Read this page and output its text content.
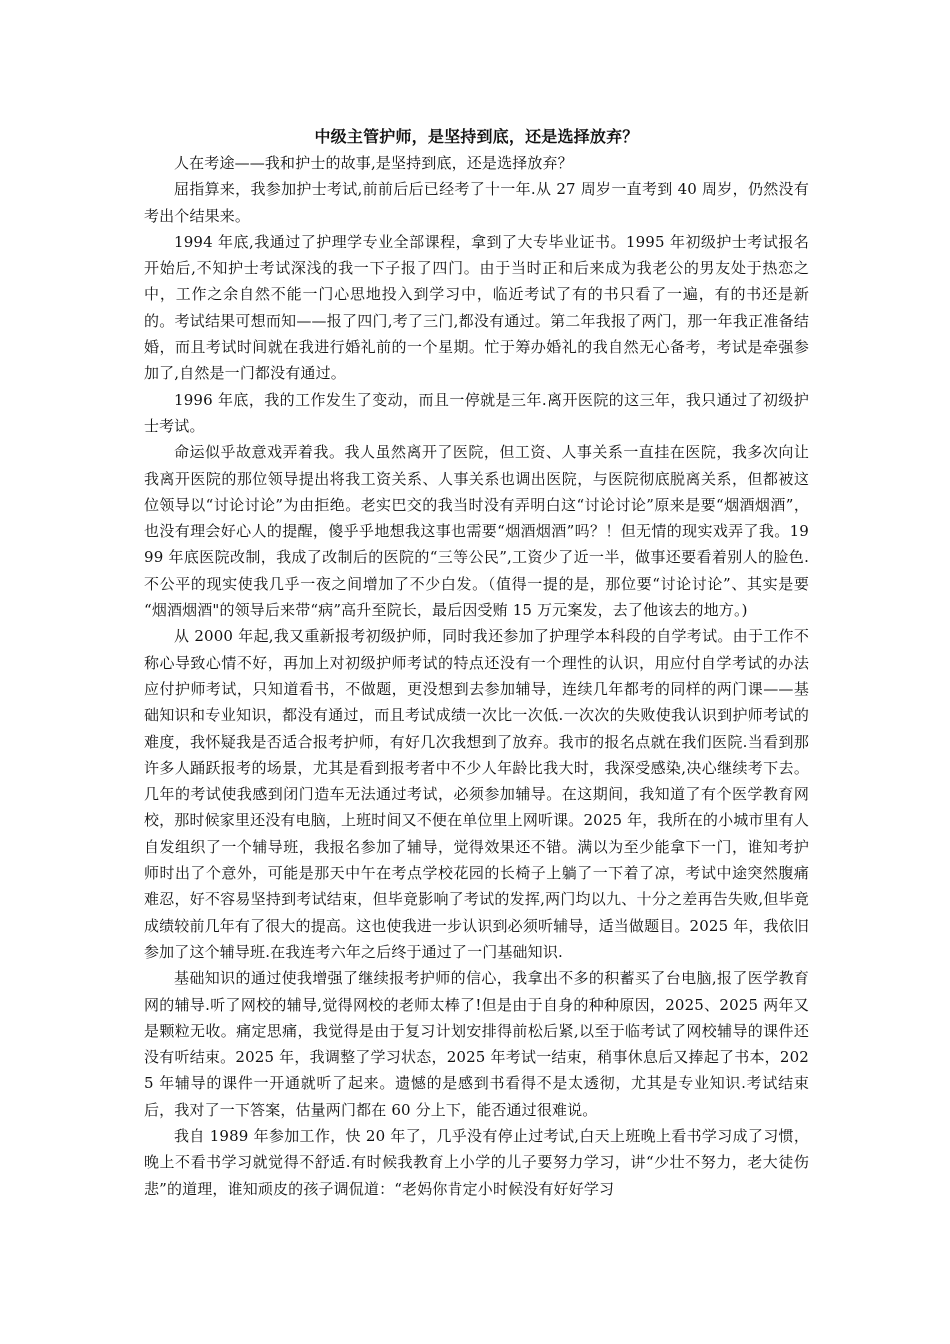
中级主管护师，是坚持到底，还是选择放弃？

人在考途——我和护士的故事,是坚持到底，还是选择放弃？

屈指算来，我参加护士考试,前前后后已经考了十一年.从 27 周岁一直考到 40 周岁，仍然没有考出个结果来。

1994 年底,我通过了护理学专业全部课程，拿到了大专毕业证书。1995 年初级护士考试报名开始后,不知护士考试深浅的我一下子报了四门。由于当时正和后来成为我老公的男友处于热恋之中，工作之余自然不能一门心思地投入到学习中，临近考试了有的书只看了一遍，有的书还是新的。考试结果可想而知——报了四门,考了三门,都没有通过。第二年我报了两门，那一年我正准备结婚，而且考试时间就在我进行婚礼前的一个星期。忙于筹办婚礼的我自然无心备考，考试是牵强参加了,自然是一门都没有通过。

1996 年底，我的工作发生了变动，而且一停就是三年.离开医院的这三年，我只通过了初级护士考试。

命运似乎故意戏弄着我。我人虽然离开了医院，但工资、人事关系一直挂在医院，我多次向让我离开医院的那位领导提出将我工资关系、人事关系也调出医院，与医院彻底脱离关系，但都被这位领导以“讨论讨论”为由拒绝。老实巴交的我当时没有弄明白这“讨论讨论”原来是要“烟酒烟酒”，也没有理会好心人的提醒，傻乎乎地想我这事也需要“烟酒烟酒”吗？！但无情的现实戏弄了我。1999 年底医院改制，我成了改制后的医院的“三等公民”,工资少了近一半，做事还要看着别人的脸色.不公平的现实使我几乎一夜之间增加了不少白发。（值得一提的是，那位要“讨论讨论”、其实是要 “烟酒烟酒"的领导后来带“病”高升至院长，最后因受贿 15 万元案发，去了他该去的地方。)

从 2000 年起,我又重新报考初级护师，同时我还参加了护理学本科段的自学考试。由于工作不称心导致心情不好，再加上对初级护师考试的特点还没有一个理性的认识，用应付自学考试的办法应付护师考试，只知道看书，不做题，更没想到去参加辅导，连续几年都考的同样的两门课——基础知识和专业知识，都没有通过，而且考试成绩一次比一次低.一次次的失败使我认识到护师考试的难度，我怀疑我是否适合报考护师，有好几次我想到了放弃。我市的报名点就在我们医院.当看到那许多人踊跃报考的场景，尤其是看到报考者中不少人年龄比我大时，我深受感染,决心继续考下去。几年的考试使我感到闭门造车无法通过考试，必须参加辅导。在这期间，我知道了有个医学教育网校，那时候家里还没有电脑，上班时间又不便在单位里上网听课。2025 年，我所在的小城市里有人自发组织了一个辅导班，我报名参加了辅导，觉得效果还不错。满以为至少能拿下一门，谁知考护师时出了个意外，可能是那天中午在考点学校花园的长椅子上躺了一下着了凉，考试中途突然腹痛难忍，好不容易坚持到考试结束，但毕竟影响了考试的发挥,两门均以九、十分之差再告失败,但毕竟成绩较前几年有了很大的提高。这也使我进一步认识到必须听辅导，适当做题目。2025 年，我依旧参加了这个辅导班.在我连考六年之后终于通过了一门基础知识.

基础知识的通过使我增强了继续报考护师的信心，我拿出不多的积蓄买了台电脑,报了医学教育网的辅导.听了网校的辅导,觉得网校的老师太棒了!但是由于自身的种种原因，2025、2025 两年又是颗粒无收。痛定思痛，我觉得是由于复习计划安排得前松后紧,以至于临考试了网校辅导的课件还没有听结束。2025 年，我调整了学习状态，2025 年考试一结束，稍事休息后又捧起了书本，2025 年辅导的课件一开通就听了起来。遗憾的是感到书看得不是太透彻，尤其是专业知识.考试结束后，我对了一下答案，估量两门都在 60 分上下，能否通过很难说。

我自 1989 年参加工作，快 20 年了，几乎没有停止过考试,白天上班晚上看书学习成了习惯，晚上不看书学习就觉得不舒适.有时候我教育上小学的儿子要努力学习，讲“少壮不努力，老大徒伤悲”的道理，谁知顽皮的孩子调侃道：“老妈你肯定小时候没有好好学习
